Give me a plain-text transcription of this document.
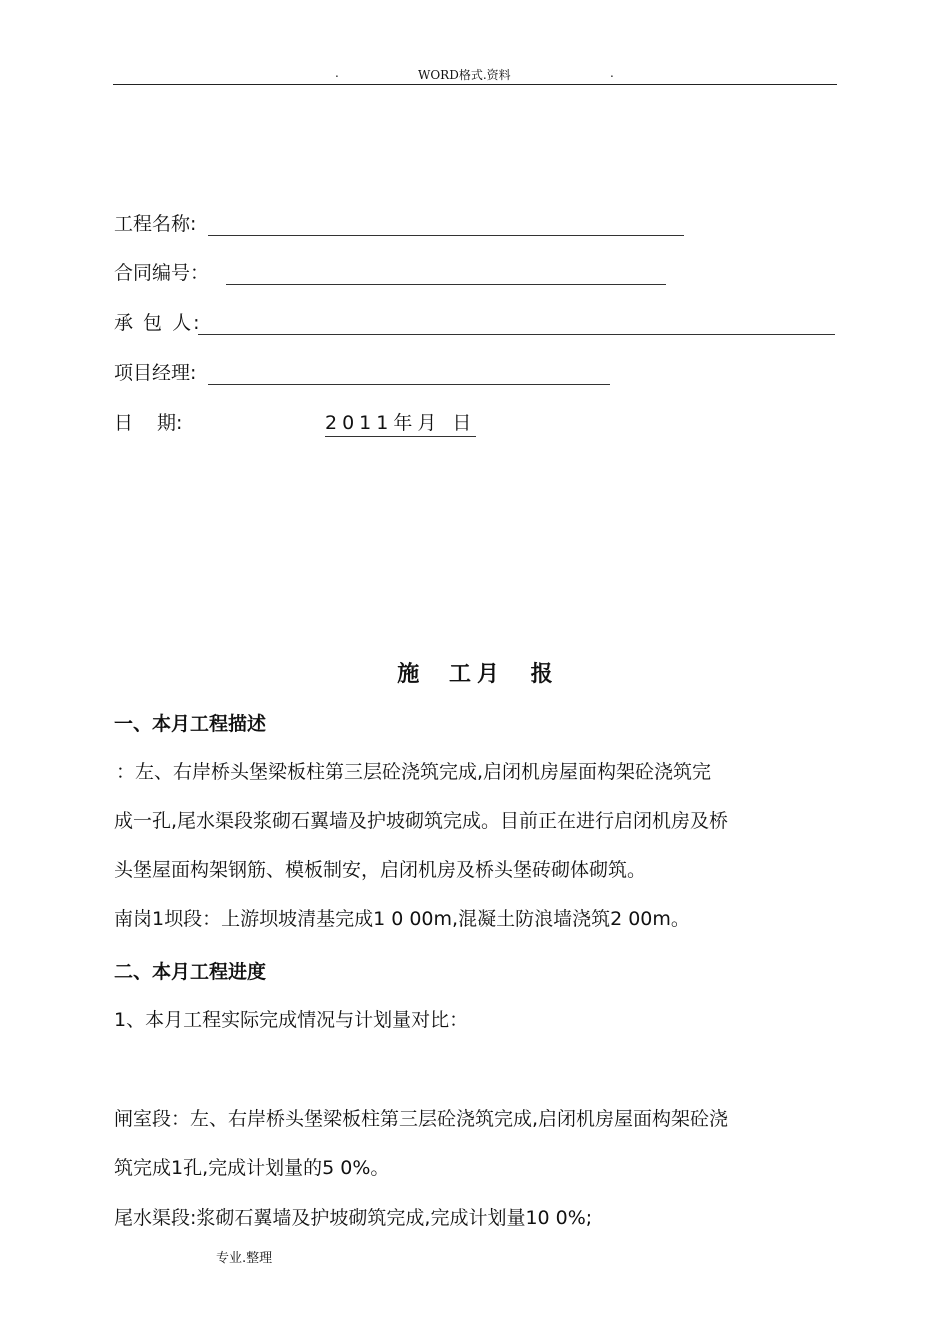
.	WORD格式.资料	.
工程名称:
合同编号：
承 包 人:
项目经理:
日 期:	2011年月 日
施 工月 报
一、本月工程描述
：左、右岸桥头堡梁板柱第三层砼浇筑完成,启闭机房屋面构架砼浇筑完
成一孔,尾水渠段浆砌石翼墙及护坡砌筑完成。目前正在进行启闭机房及桥
头堡屋面构架钢筋、模板制安，启闭机房及桥头堡砖砌体砌筑。
南岗1坝段：上游坝坡清基完成1 0 00m,混凝土防浪墙浇筑2 00m。
二、本月工程进度
1、本月工程实际完成情况与计划量对比：
闸室段：左、右岸桥头堡梁板柱第三层砼浇筑完成,启闭机房屋面构架砼浇
筑完成1孔,完成计划量的5 0%。
尾水渠段:浆砌石翼墙及护坡砌筑完成,完成计划量10 0%;
专业.整理
